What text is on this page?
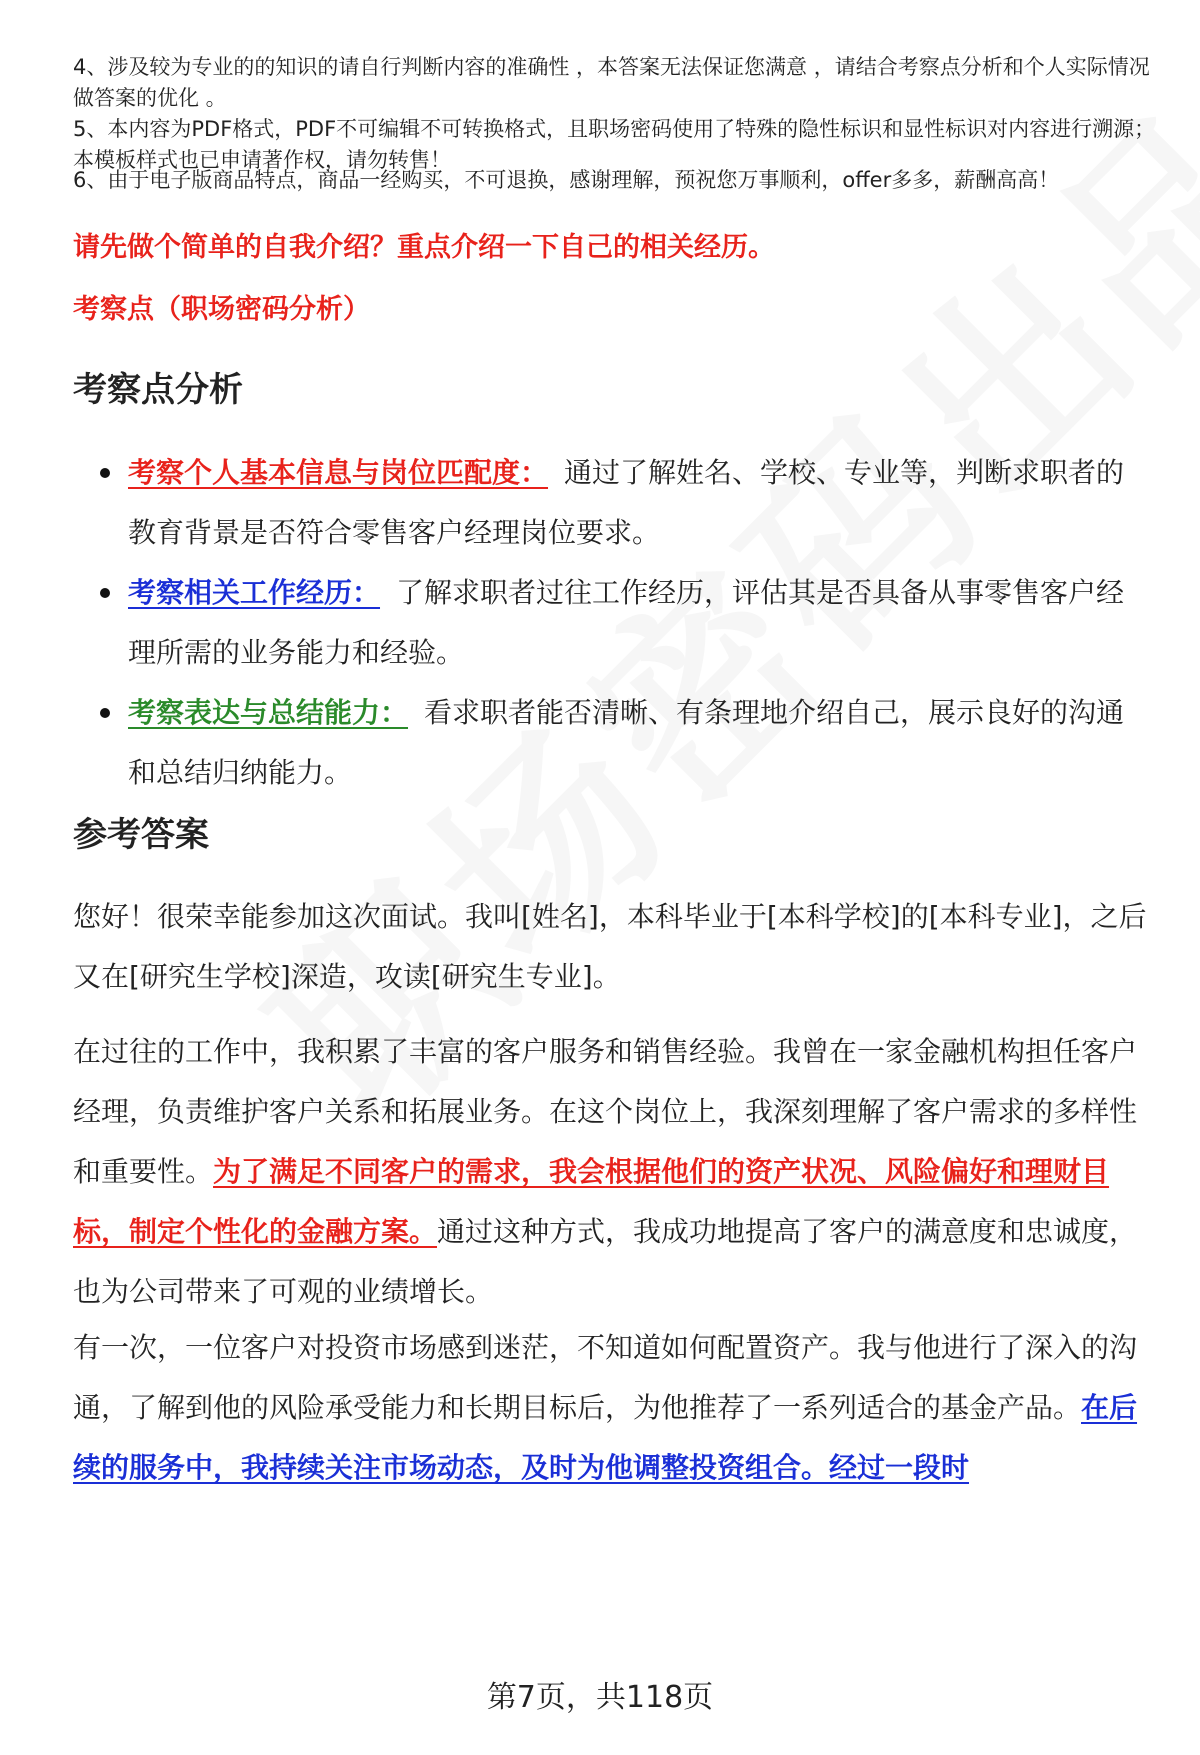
4、涉及较为专业的的知识的请自行判断内容的准确性 ，本答案无法保证您满意 ，请结合考察点分析和个人实际情况做答案的优化 。
5、本内容为PDF格式，PDF不可编辑不可转换格式，且职场密码使用了特殊的隐性标识和显性标识对内容进行溯源；本模板样式也已申请著作权，请勿转售！
6、由于电子版商品特点，商品一经购买，不可退换，感谢理解，预祝您万事顺利，offer多多，薪酬高高！
请先做个简单的自我介绍？重点介绍一下自己的相关经历。
考察点（职场密码分析）
考察点分析
考察个人基本信息与岗位匹配度： 通过了解姓名、学校、专业等，判断求职者的教育背景是否符合零售客户经理岗位要求。
考察相关工作经历： 了解求职者过往工作经历，评估其是否具备从事零售客户经理所需的业务能力和经验。
考察表达与总结能力： 看求职者能否清晰、有条理地介绍自己，展示良好的沟通和总结归纳能力。
参考答案
您好！很荣幸能参加这次面试。我叫[姓名]，本科毕业于[本科学校]的[本科专业]，之后又在[研究生学校]深造，攻读[研究生专业]。
在过往的工作中，我积累了丰富的客户服务和销售经验。我曾在一家金融机构担任客户经理，负责维护客户关系和拓展业务。在这个岗位上，我深刻理解了客户需求的多样性和重要性。为了满足不同客户的需求，我会根据他们的资产状况、风险偏好和理财目标，制定个性化的金融方案。通过这种方式，我成功地提高了客户的满意度和忠诚度，也为公司带来了可观的业绩增长。
有一次，一位客户对投资市场感到迷茫，不知道如何配置资产。我与他进行了深入的沟通，了解到他的风险承受能力和长期目标后，为他推荐了一系列适合的基金产品。在后续的服务中，我持续关注市场动态，及时为他调整投资组合。经过一段时
第7页，共118页
